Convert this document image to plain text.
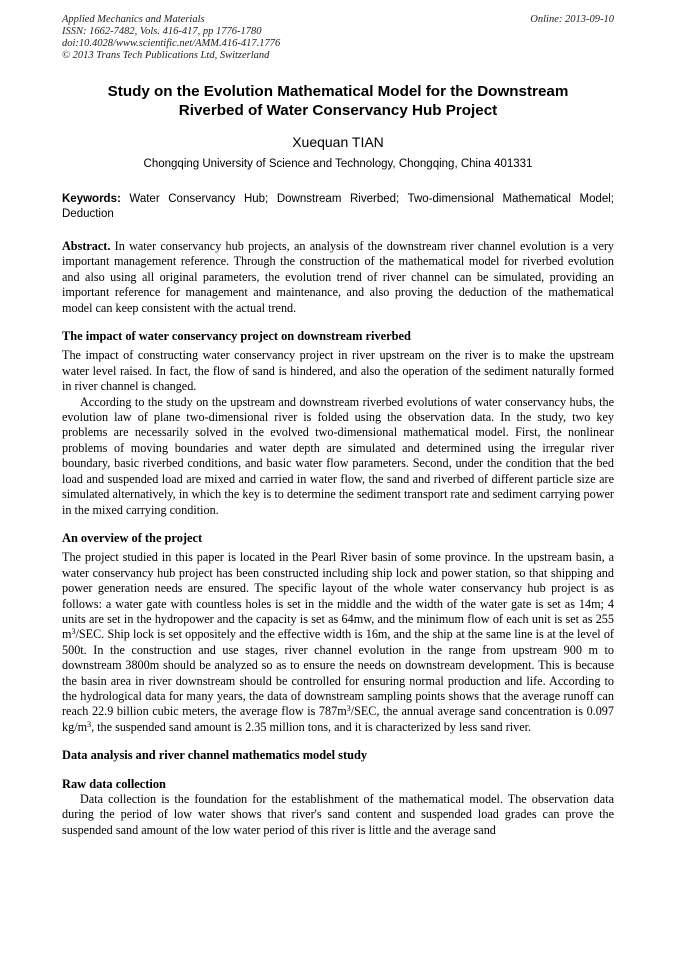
Applied Mechanics and Materials
ISSN: 1662-7482, Vols. 416-417, pp 1776-1780
doi:10.4028/www.scientific.net/AMM.416-417.1776
© 2013 Trans Tech Publications Ltd, Switzerland
Online: 2013-09-10
Study on the Evolution Mathematical Model for the Downstream
Riverbed of Water Conservancy Hub Project
Xuequan TIAN
Chongqing University of Science and Technology, Chongqing, China 401331
Keywords: Water Conservancy Hub; Downstream Riverbed; Two-dimensional Mathematical Model; Deduction

Abstract. In water conservancy hub projects, an analysis of the downstream river channel evolution is a very important management reference. Through the construction of the mathematical model for riverbed evolution and also using all original parameters, the evolution trend of river channel can be simulated, providing an important reference for management and maintenance, and also proving the deduction of the mathematical model can keep consistent with the actual trend.

The impact of water conservancy project on downstream riverbed

The impact of constructing water conservancy project in river upstream on the river is to make the upstream water level raised. In fact, the flow of sand is hindered, and also the operation of the sediment naturally formed in river channel is changed.

According to the study on the upstream and downstream riverbed evolutions of water conservancy hubs, the evolution law of plane two-dimensional river is folded using the observation data. In the study, two key problems are necessarily solved in the evolved two-dimensional mathematical model. First, the nonlinear problems of moving boundaries and water depth are simulated and determined using the irregular river boundary, basic riverbed conditions, and basic water flow parameters. Second, under the condition that the bed load and suspended load are mixed and carried in water flow, the sand and riverbed of different particle size are simulated alternatively, in which the key is to determine the sediment transport rate and sediment carrying power in the mixed carrying condition.

An overview of the project

The project studied in this paper is located in the Pearl River basin of some province. In the upstream basin, a water conservancy hub project has been constructed including ship lock and power station, so that shipping and power generation needs are ensured. The specific layout of the whole water conservancy hub project is as follows: a water gate with countless holes is set in the middle and the width of the water gate is set as 14m; 4 units are set in the hydropower and the capacity is set as 64mw, and the minimum flow of each unit is set as 255 $m^3$/SEC. Ship lock is set oppositely and the effective width is 16m, and the ship at the same line is at the level of 500t. In the construction and use stages, river channel evolution in the range from upstream 900 m to downstream 3800m should be analyzed so as to ensure the needs on downstream development. This is because the basin area in river downstream should be controlled for ensuring normal production and life. According to the hydrological data for many years, the data of downstream sampling points shows that the average runoff can reach 22.9 billion cubic meters, the average flow is $787m^3$/SEC, the annual average sand concentration is 0.097 $kg/m^3$, the suspended sand amount is 2.35 million tons, and it is characterized by less sand river.

Data analysis and river channel mathematics model study
Raw data collection

Data collection is the foundation for the establishment of the mathematical model. The observation data during the period of low water shows that river's sand content and suspended load grades can prove the suspended sand amount of the low water period of this river is little and the average sand
